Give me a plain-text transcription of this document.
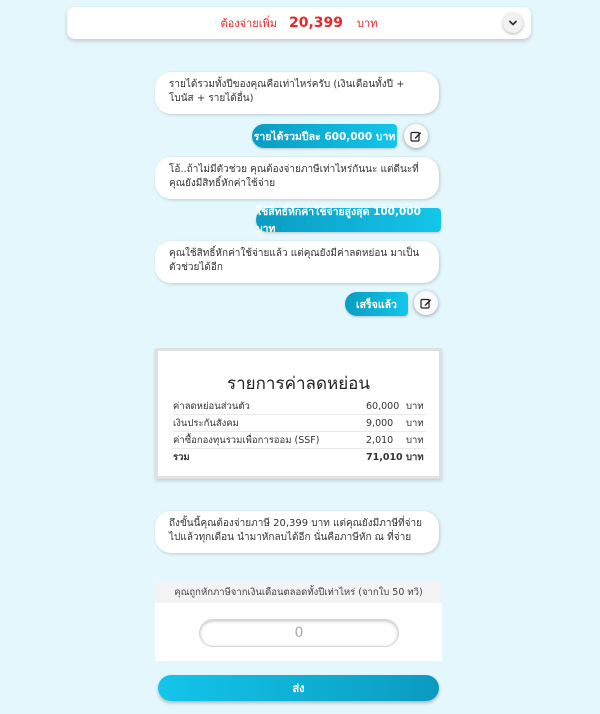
ต้องจ่ายเพิ่ม 20,399 บาท
รายได้รวมทั้งปีของคุณคือเท่าไหร่ครับ (เงินเดือนทั้งปี + โบนัส + รายได้อื่น)
รายได้รวมปีละ 600,000 บาท
โอ้..ถ้าไม่มีตัวช่วย คุณต้องจ่ายภาษีเท่าไหร่กันนะ แต่ดีนะที่คุณยังมีสิทธิ์หักค่าใช้จ่าย
ใช้สิทธิ์หักค่าใช้จ่ายสูงสุด 100,000 บาท
คุณใช้สิทธิ์หักค่าใช้จ่ายแล้ว แต่คุณยังมีค่าลดหย่อน มาเป็นตัวช่วยได้อีก
เสร็จแล้ว
รายการค่าลดหย่อน
ค่าลดหย่อนส่วนตัว	60,000 บาท
เงินประกันสังคม	9,000	บาท
ค่าซื้อกองทุนรวมเพื่อการออม (SSF)	2,010	บาท
รวม	71,010 บาท
ถึงขั้นนี้คุณต้องจ่ายภาษี 20,399 บาท แต่คุณยังมีภาษีที่จ่ายไปแล้วทุกเดือน นำมาหักลบได้อีก นั่นคือภาษีหัก ณ ที่จ่าย
คุณถูกหักภาษีจากเงินเดือนตลอดทั้งปีเท่าไหร่ (จากใบ 50 ทวิ)
0
ส่ง
